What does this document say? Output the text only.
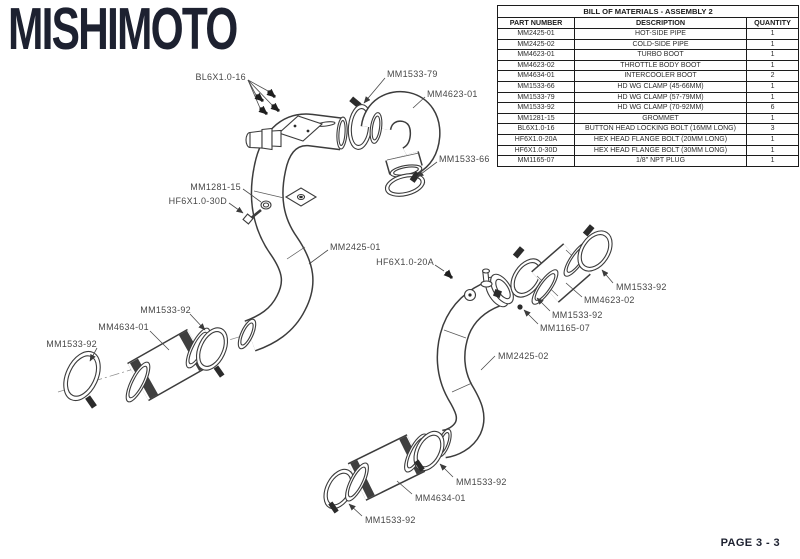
MISHIMOTO	BILL OF MATERIALS - ASSEMBLY 2		
PART NUMBER	DESCRIPTION	QUANTITY
MM2425-01	HOT-SIDE PIPE	1
MM2425-02	COLD-SIDE PIPE	1
MM4623-01	TURBO BOOT	1
MM4623-02	THROTTLE BODY BOOT	1
MM4634-01	INTERCOOLER BOOT	2
MM1533-66	HD WG CLAMP (45-66MM)	1
MM1533-79	HD WG CLAMP (57-79MM)	1
MM1533-92	HD WG CLAMP (70-92MM)	6
MM1281-15	GROMMET	1
BL6X1.0-16	BUTTON HEAD LOCKING BOLT (16MM LONG)	3
HF6X1.0-20A	HEX HEAD FLANGE BOLT (20MM LONG)	1
HF6X1.0-30D	HEX HEAD FLANGE BOLT (30MM LONG)	1
MM1165-07	1/8" NPT PLUG	1
BL6X1.0-16	MM1533-79
MM4623-01
MM1533-66
MM1281-15
HF6X1.0-30D
MM2425-01
MM1533-92
MM4634-01
MM1533-92
HF6X1.0-20A
MM1533-92
MM4623-02
MM1533-92
MM1165-07
MM2425-02
MM1533-92
MM4634-01
MM1533-92
PAGE 3 - 3
